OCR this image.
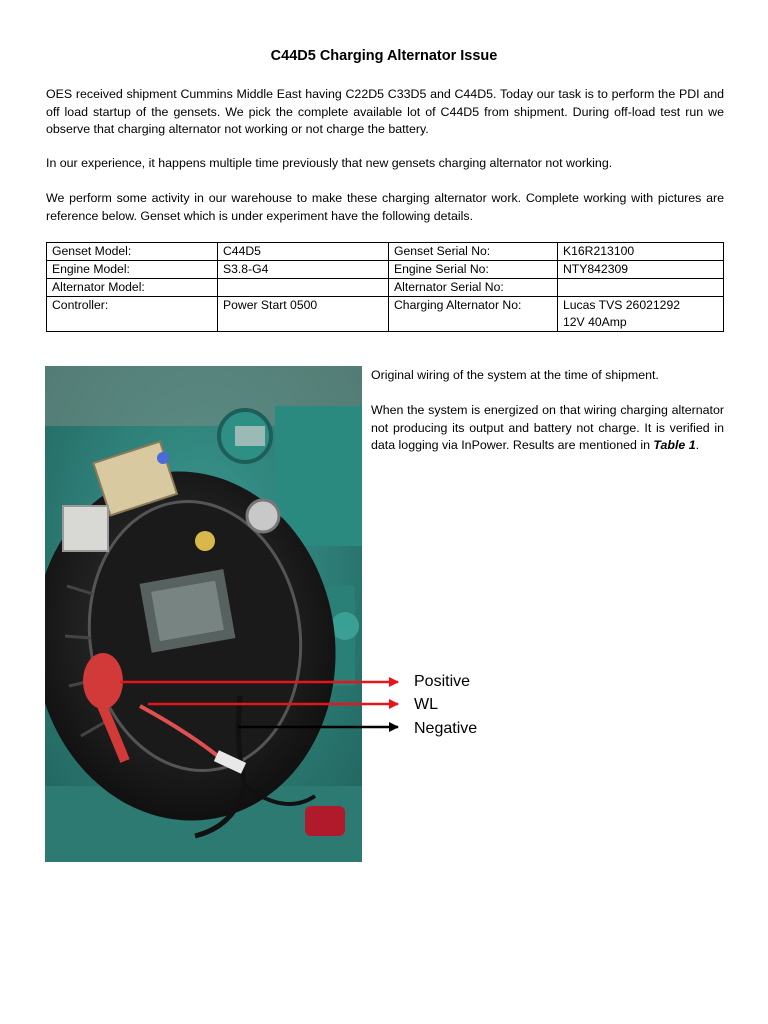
C44D5 Charging Alternator Issue

OES received shipment Cummins Middle East having C22D5 C33D5 and C44D5. Today our task is to perform the PDI and off load startup of the gensets. We pick the complete available lot of C44D5 from shipment. During off-load test run we observe that charging alternator not working or not charge the battery.

In our experience, it happens multiple time previously that new gensets charging alternator not working.

We perform some activity in our warehouse to make these charging alternator work. Complete working with pictures are reference below. Genset which is under experiment have the following details.

Genset Model:	C44D5	Genset Serial No:	K16R213100
Engine Model:	S3.8-G4	Engine Serial No:	NTY842309
Alternator Model:		Alternator Serial No:	
Controller:	Power Start 0500	Charging Alternator No:	Lucas TVS 26021292
12V 40Amp

Original wiring of the system at the time of shipment.

When the system is energized on that wiring charging alternator not producing its output and battery not charge. It is verified in data logging via InPower. Results are mentioned in Table 1.

Positive
WL
Negative
